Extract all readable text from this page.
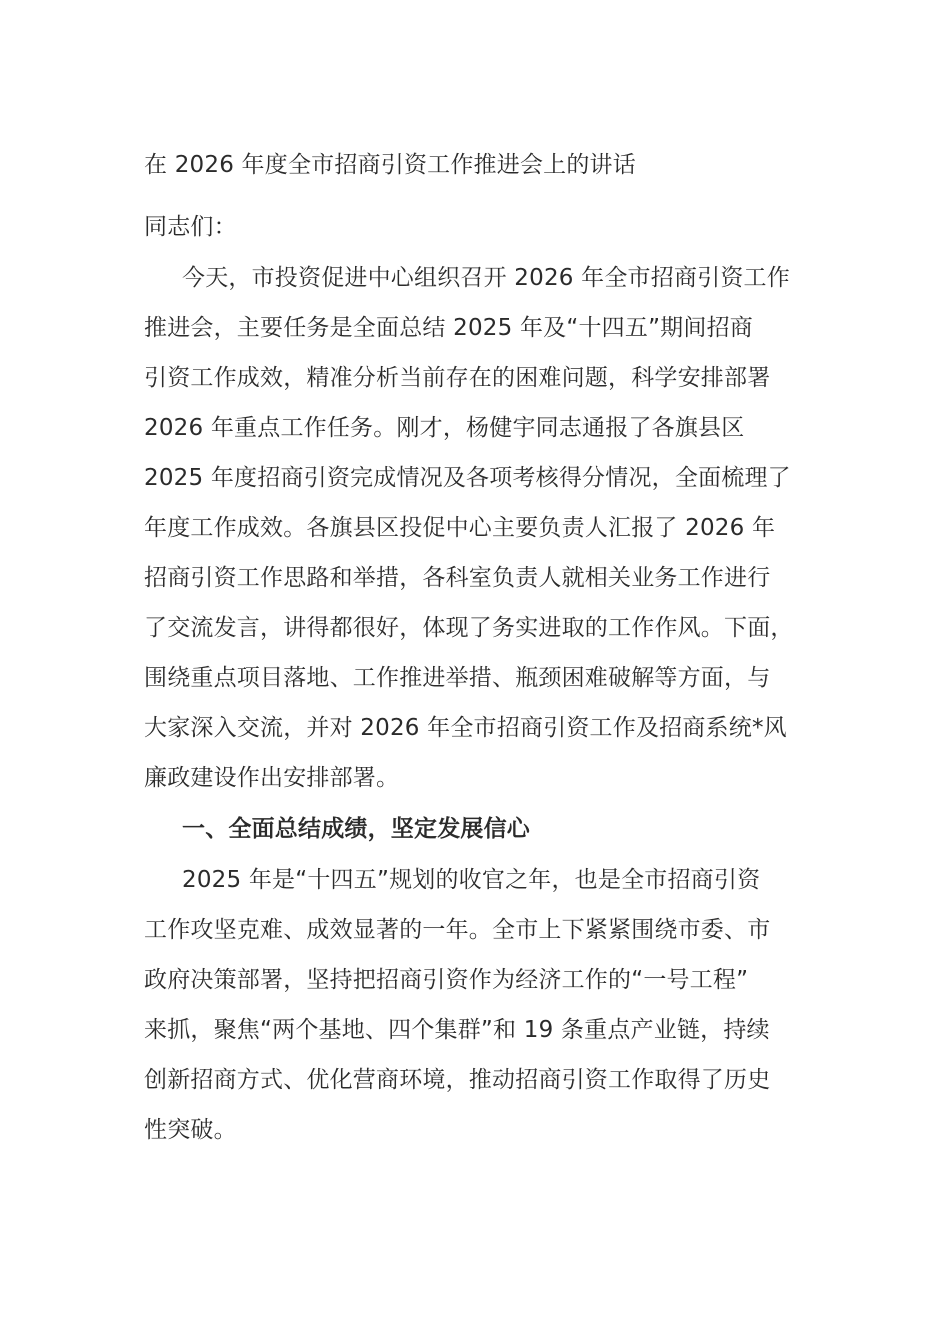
在 2026 年度全市招商引资工作推进会上的讲话
同志们：
今天，市投资促进中心组织召开 2026 年全市招商引资工作
推进会，主要任务是全面总结 2025 年及“十四五”期间招商
引资工作成效，精准分析当前存在的困难问题，科学安排部署
2026 年重点工作任务。刚才，杨健宇同志通报了各旗县区
2025 年度招商引资完成情况及各项考核得分情况，全面梳理了
年度工作成效。各旗县区投促中心主要负责人汇报了 2026 年
招商引资工作思路和举措，各科室负责人就相关业务工作进行
了交流发言，讲得都很好，体现了务实进取的工作作风。下面，
围绕重点项目落地、工作推进举措、瓶颈困难破解等方面，与
大家深入交流，并对 2026 年全市招商引资工作及招商系统*风
廉政建设作出安排部署。
一、全面总结成绩，坚定发展信心
2025 年是“十四五”规划的收官之年，也是全市招商引资
工作攻坚克难、成效显著的一年。全市上下紧紧围绕市委、市
政府决策部署，坚持把招商引资作为经济工作的“一号工程”
来抓，聚焦“两个基地、四个集群”和 19 条重点产业链，持续
创新招商方式、优化营商环境，推动招商引资工作取得了历史
性突破。
